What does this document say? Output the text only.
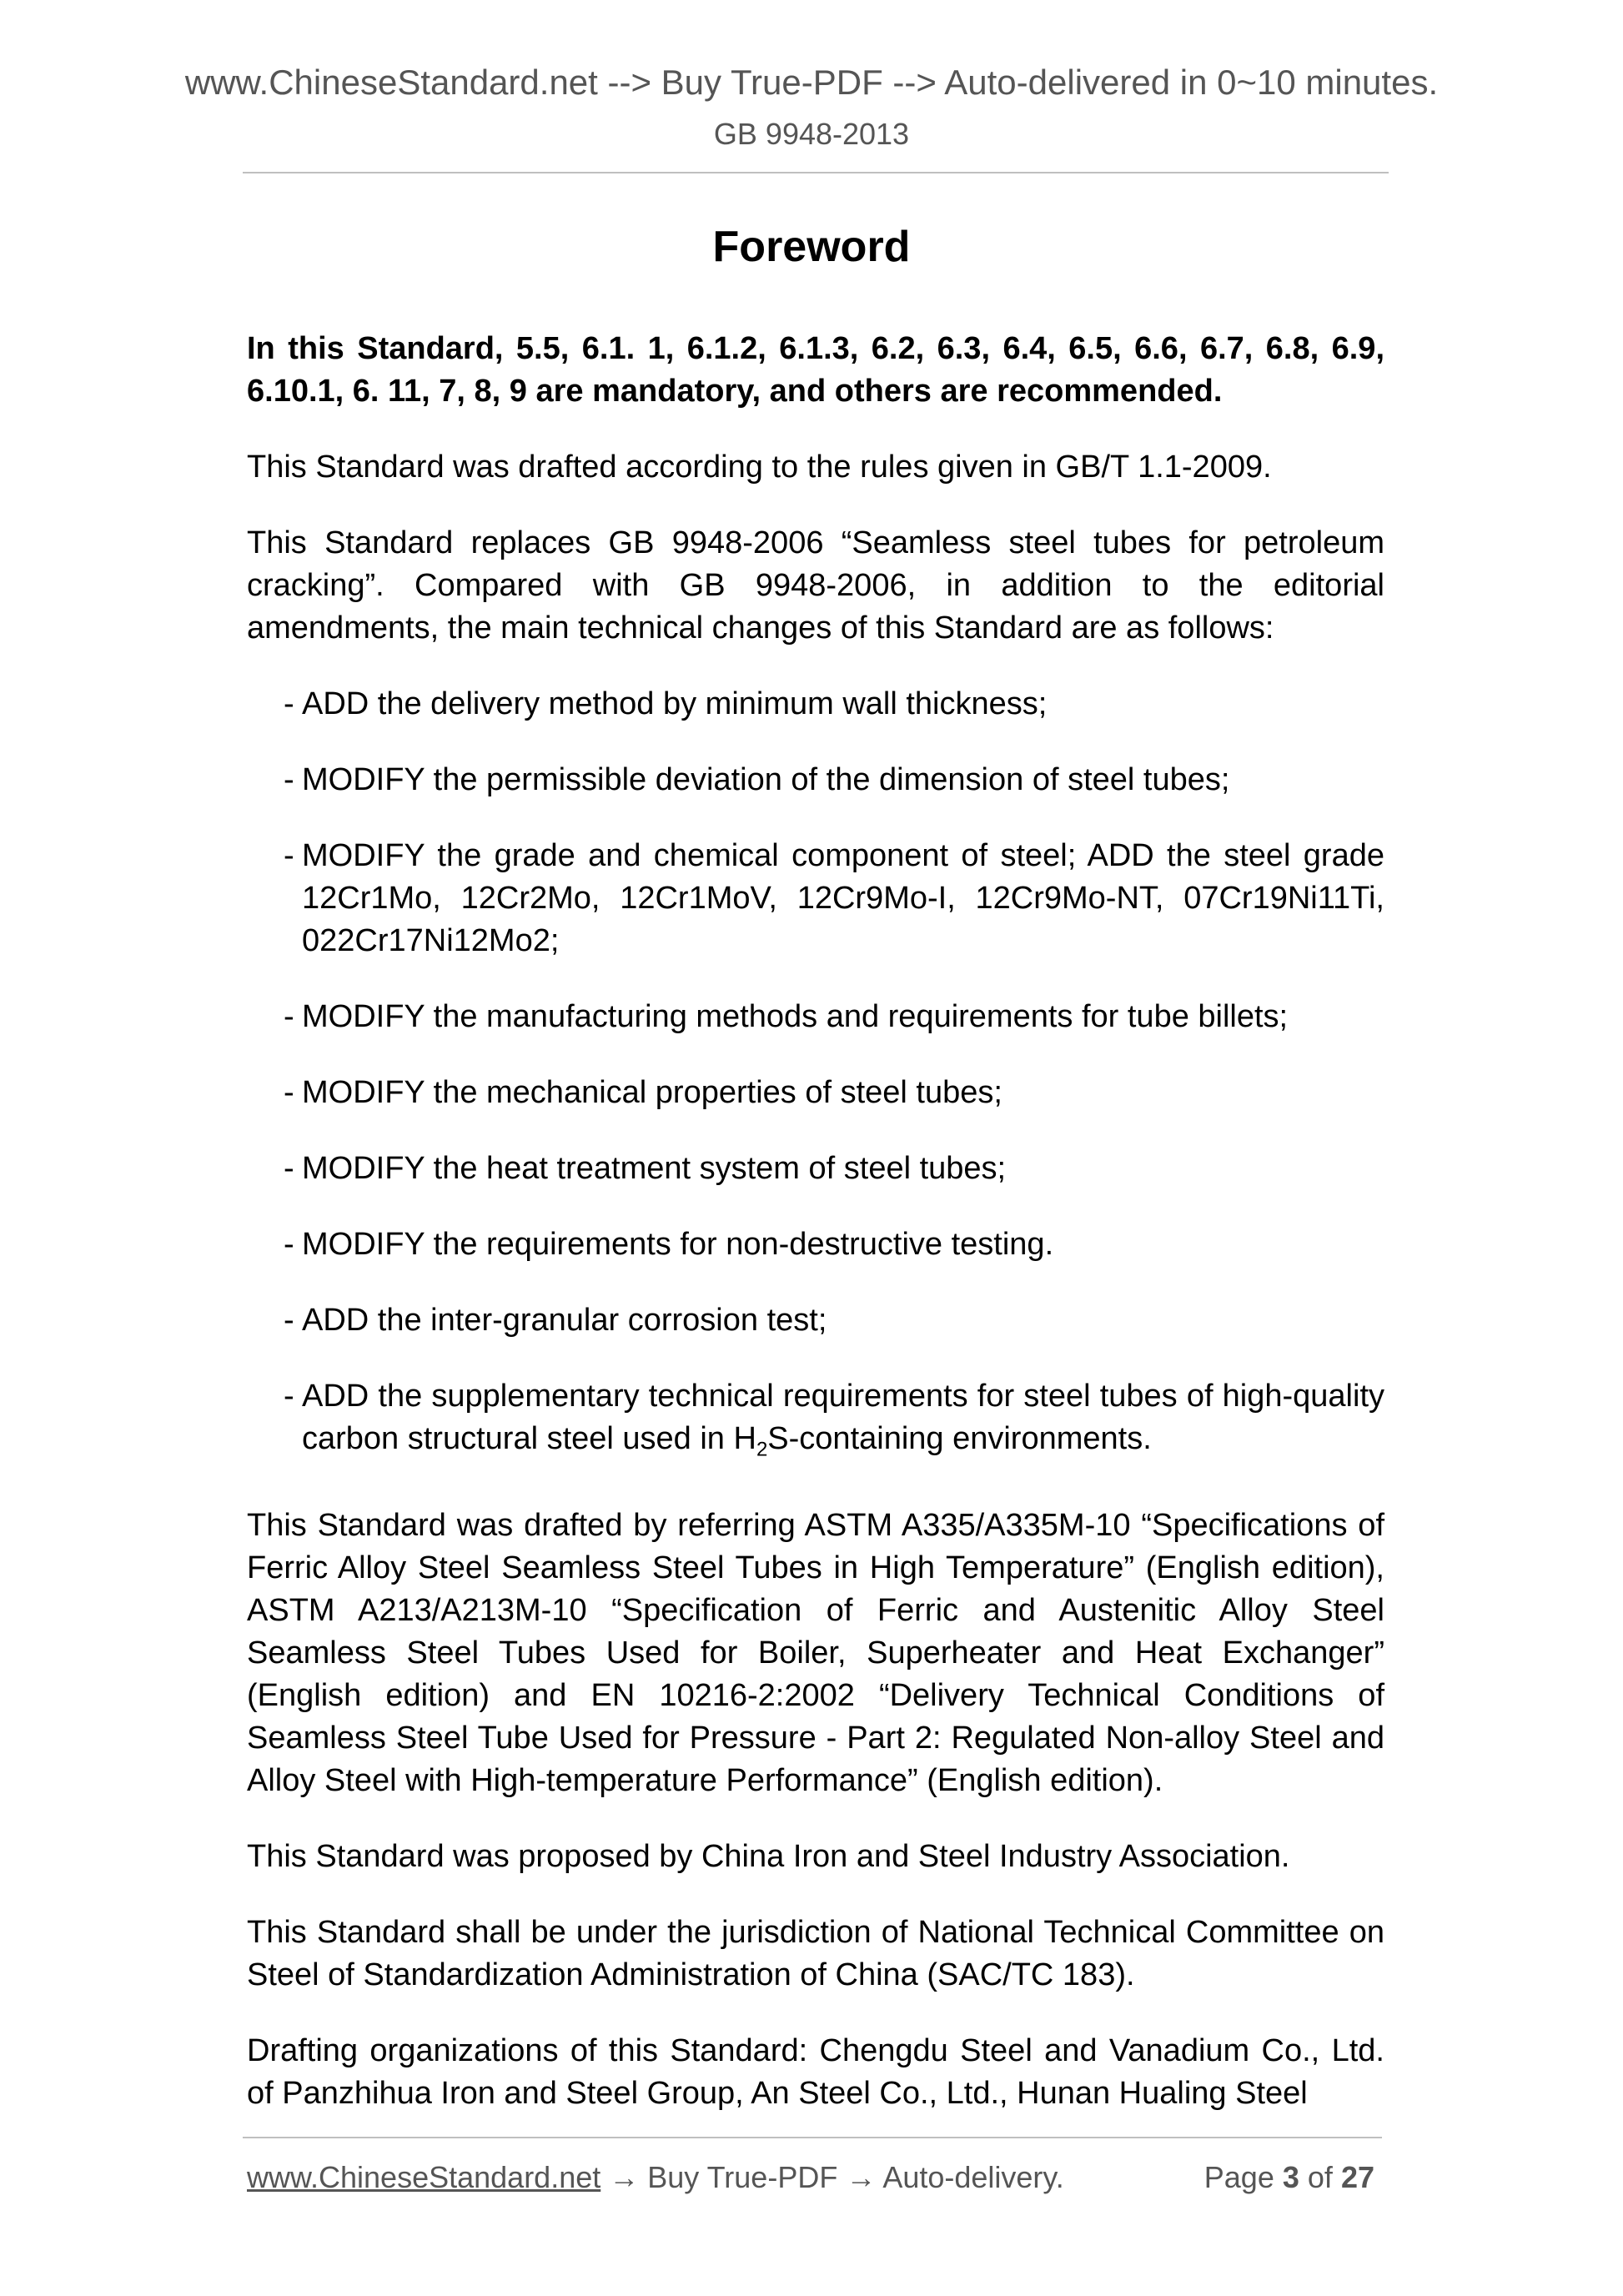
www.ChineseStandard.net --> Buy True-PDF --> Auto-delivered in 0~10 minutes.
GB 9948-2013
Foreword

In this Standard, 5.5, 6.1. 1, 6.1.2, 6.1.3, 6.2, 6.3, 6.4, 6.5, 6.6, 6.7, 6.8, 6.9, 6.10.1, 6. 11, 7, 8, 9 are mandatory, and others are recommended.

This Standard was drafted according to the rules given in GB/T 1.1-2009.

This Standard replaces GB 9948-2006 “Seamless steel tubes for petroleum cracking”. Compared with GB 9948-2006, in addition to the editorial amendments, the main technical changes of this Standard are as follows:

- ADD the delivery method by minimum wall thickness;
- MODIFY the permissible deviation of the dimension of steel tubes;
- MODIFY the grade and chemical component of steel; ADD the steel grade 12Cr1Mo, 12Cr2Mo, 12Cr1MoV, 12Cr9Mo-I, 12Cr9Mo-NT, 07Cr19Ni11Ti, 022Cr17Ni12Mo2;
- MODIFY the manufacturing methods and requirements for tube billets;
- MODIFY the mechanical properties of steel tubes;
- MODIFY the heat treatment system of steel tubes;
- MODIFY the requirements for non-destructive testing.
- ADD the inter-granular corrosion test;
- ADD the supplementary technical requirements for steel tubes of high-quality carbon structural steel used in $H_2S$-containing environments.

This Standard was drafted by referring ASTM A335/A335M-10 “Specifications of Ferric Alloy Steel Seamless Steel Tubes in High Temperature” (English edition), ASTM A213/A213M-10 “Specification of Ferric and Austenitic Alloy Steel Seamless Steel Tubes Used for Boiler, Superheater and Heat Exchanger” (English edition) and EN 10216-2:2002 “Delivery Technical Conditions of Seamless Steel Tube Used for Pressure - Part 2: Regulated Non-alloy Steel and Alloy Steel with High-temperature Performance” (English edition).

This Standard was proposed by China Iron and Steel Industry Association.

This Standard shall be under the jurisdiction of National Technical Committee on Steel of Standardization Administration of China (SAC/TC 183).

Drafting organizations of this Standard: Chengdu Steel and Vanadium Co., Ltd. of Panzhihua Iron and Steel Group, An Steel Co., Ltd., Hunan Hualing Steel

www.ChineseStandard.net → Buy True-PDF → Auto-delivery.	Page 3 of 27
